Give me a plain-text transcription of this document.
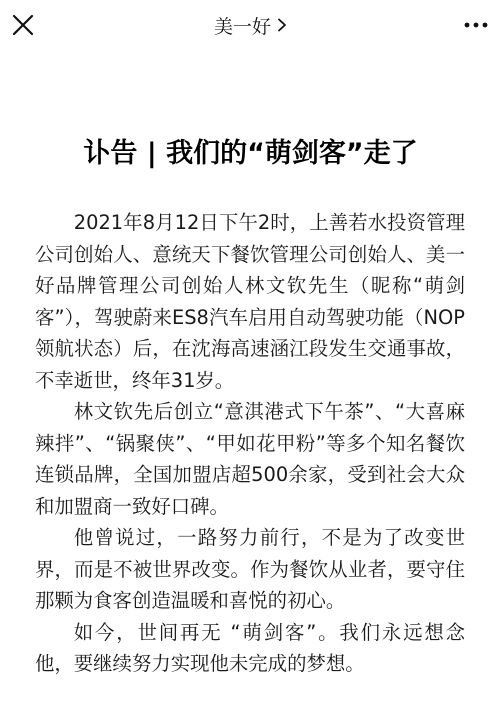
美一好
讣告 | 我们的“萌剑客”走了

2021年8月12日下午2时，上善若水投资管理公司创始人、意统天下餐饮管理公司创始人、美一好品牌管理公司创始人林文钦先生（昵称“萌剑客”），驾驶蔚来ES8汽车启用自动驾驶功能（NOP领航状态）后，在沈海高速涵江段发生交通事故，不幸逝世，终年31岁。

林文钦先后创立“意淇港式下午茶”、“大喜麻辣拌”、“锅聚侠”、“甲如花甲粉”等多个知名餐饮连锁品牌，全国加盟店超500余家，受到社会大众和加盟商一致好口碑。

他曾说过，一路努力前行，不是为了改变世界，而是不被世界改变。作为餐饮从业者，要守住那颗为食客创造温暖和喜悦的初心。

如今，世间再无 “萌剑客”。我们永远想念他，要继续努力实现他未完成的梦想。
